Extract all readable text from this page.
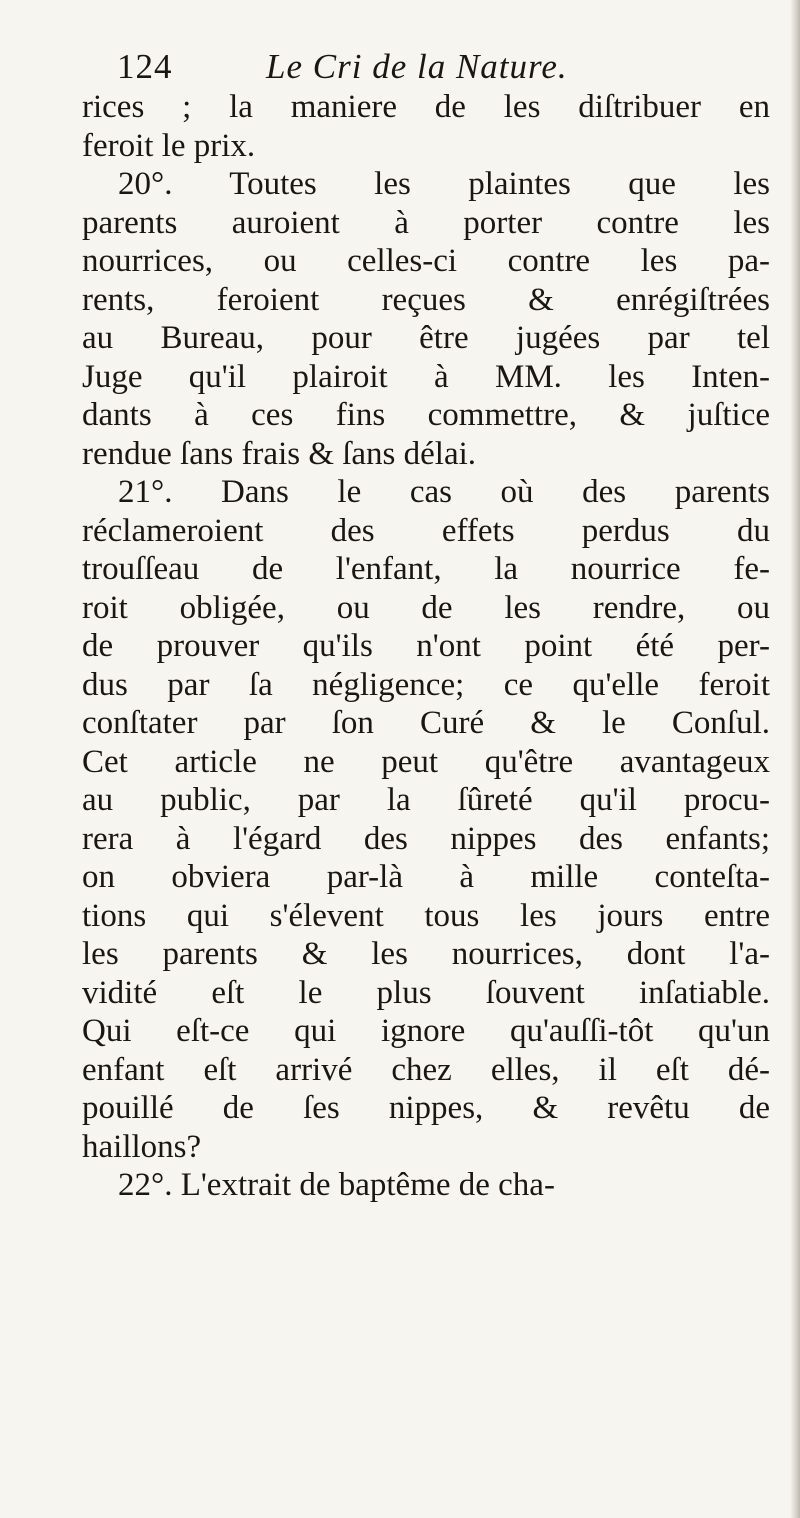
124	Le Cri de la Nature.
rices ; la maniere de les diſtribuer en
feroit le prix.
20°. Toutes les plaintes que les
parents auroient à porter contre les
nourrices, ou celles-ci contre les pa-
rents, feroient reçues & enrégiſtrées
au Bureau, pour être jugées par tel
Juge qu'il plairoit à MM. les Inten-
dants à ces fins commettre, & juſtice
rendue ſans frais & ſans délai.
21°. Dans le cas où des parents
réclameroient des effets perdus du
trouſſeau de l'enfant, la nourrice fe-
roit obligée, ou de les rendre, ou
de prouver qu'ils n'ont point été per-
dus par ſa négligence; ce qu'elle feroit
conſtater par ſon Curé & le Conſul.
Cet article ne peut qu'être avantageux
au public, par la ſûreté qu'il procu-
rera à l'égard des nippes des enfants;
on obviera par-là à mille conteſta-
tions qui s'élevent tous les jours entre
les parents & les nourrices, dont l'a-
vidité eſt le plus ſouvent inſatiable.
Qui eſt-ce qui ignore qu'auſſi-tôt qu'un
enfant eſt arrivé chez elles, il eſt dé-
pouillé de ſes nippes, & revêtu de
haillons?
22°. L'extrait de baptême de cha-
